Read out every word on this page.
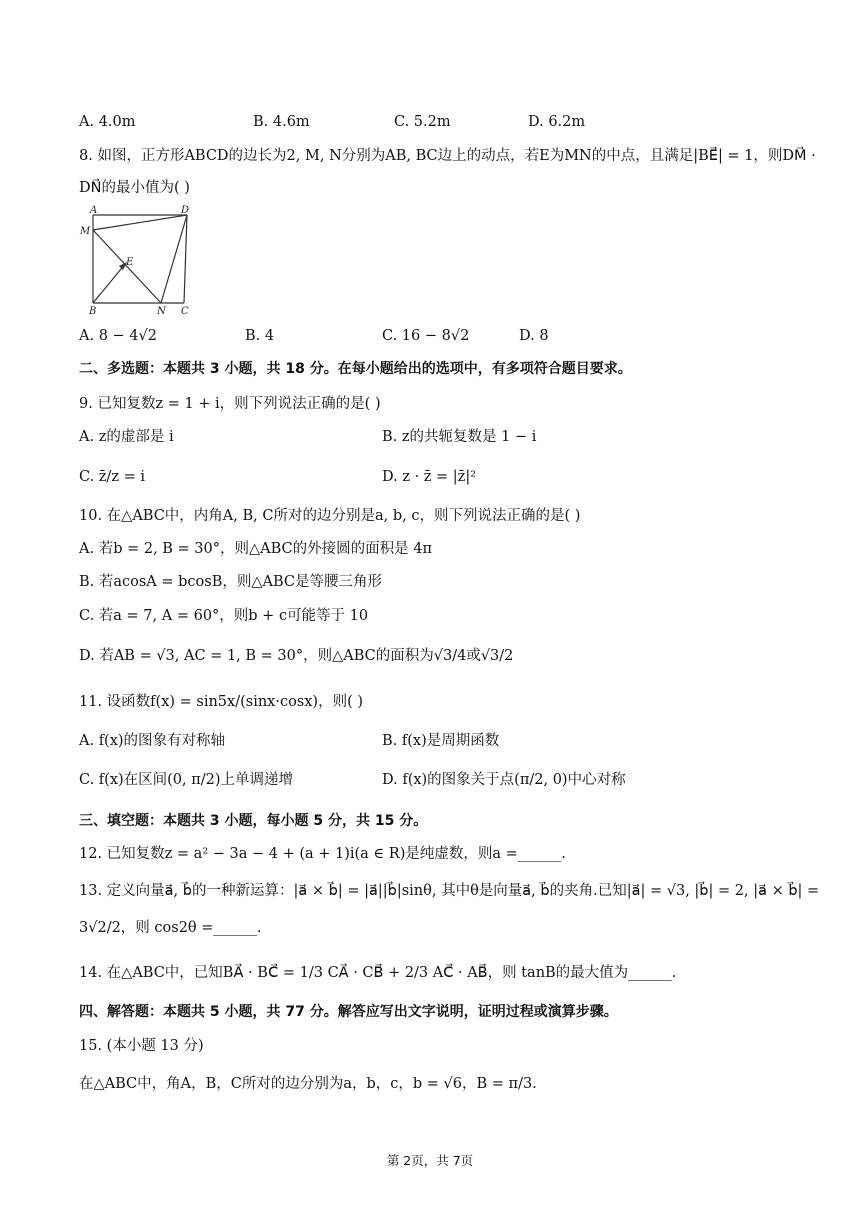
A. 4.0m	B. 4.6m	C. 5.2m	D. 6.2m
8. 如图，正方形ABCD的边长为2, M, N分别为AB, BC边上的动点，若E为MN的中点，且满足|BE⃗| = 1，则DM⃗ ·
DN⃗的最小值为( )
A	D
M
E
B	N C
A. 8 − 4√2	B. 4	C. 16 − 8√2	D. 8
二、多选题：本题共 3 小题，共 18 分。在每小题给出的选项中，有多项符合题目要求。
9. 已知复数z = 1 + i，则下列说法正确的是( )
A. z的虚部是 i	B. z的共轭复数是 1 − i
C. z̄/z = i	D. z · z̄ = |z̄|²
10. 在△ABC中，内角A, B, C所对的边分别是a, b, c，则下列说法正确的是( )
A. 若b = 2, B = 30°，则△ABC的外接圆的面积是 4π
B. 若acosA = bcosB，则△ABC是等腰三角形
C. 若a = 7, A = 60°，则b + c可能等于 10
D. 若AB = √3, AC = 1, B = 30°，则△ABC的面积为√3/4或√3/2
11. 设函数f(x) = sin5x/(sinx·cosx)，则( )
A. f(x)的图象有对称轴	B. f(x)是周期函数
C. f(x)在区间(0, π/2)上单调递增	D. f(x)的图象关于点(π/2, 0)中心对称
三、填空题：本题共 3 小题，每小题 5 分，共 15 分。
12. 已知复数z = a² − 3a − 4 + (a + 1)i(a ∈ R)是纯虚数，则a =______.
13. 定义向量a⃗, b⃗的一种新运算：|a⃗ × b⃗| = |a⃗||b⃗|sinθ, 其中θ是向量a⃗, b⃗的夹角.已知|a⃗| = √3, |b⃗| = 2, |a⃗ × b⃗| =
3√2/2，则 cos2θ =______.
14. 在△ABC中，已知BA⃗ · BC⃗ = 1/3 CA⃗ · CB⃗ + 2/3 AC⃗ · AB⃗，则 tanB的最大值为______.
四、解答题：本题共 5 小题，共 77 分。解答应写出文字说明，证明过程或演算步骤。
15. (本小题 13 分)
在△ABC中，角A，B，C所对的边分别为a，b，c，b = √6，B = π/3.
第 2页，共 7页
